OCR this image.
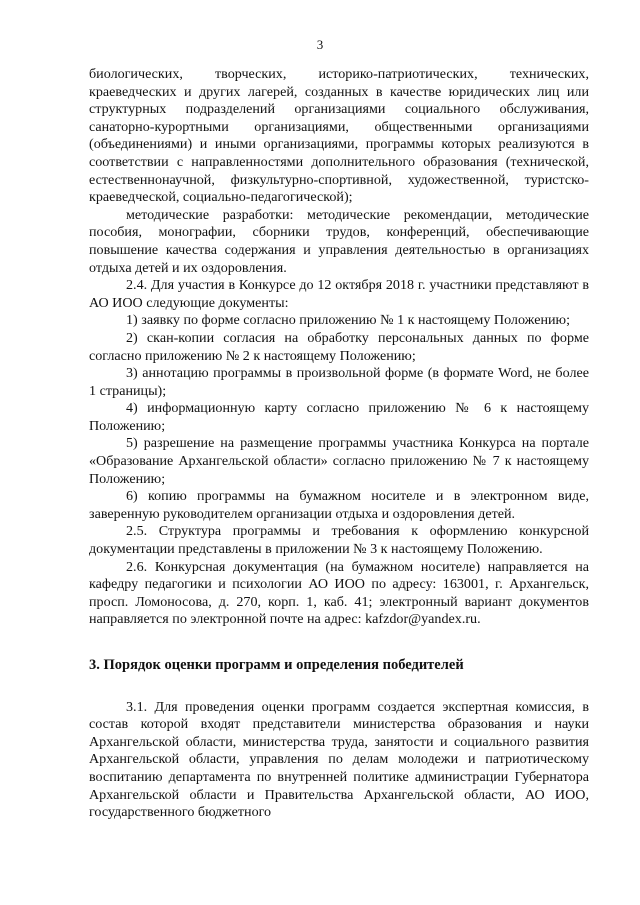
3

биологических, творческих, историко-патриотических, технических, краеведческих и других лагерей, созданных в качестве юридических лиц или структурных подразделений организациями социального обслуживания, санаторно-курортными организациями, общественными организациями (объединениями) и иными организациями, программы которых реализуются в соответствии с направленностями дополнительного образования (технической, естественнонаучной, физкультурно-спортивной, художественной, туристско-краеведческой, социально-педагогической);

методические разработки: методические рекомендации, методические пособия, монографии, сборники трудов, конференций, обеспечивающие повышение качества содержания и управления деятельностью в организациях отдыха детей и их оздоровления.

2.4. Для участия в Конкурсе до 12 октября 2018 г. участники представляют в АО ИОО следующие документы:

1) заявку по форме согласно приложению № 1 к настоящему Положению;

2) скан-копии согласия на обработку персональных данных по форме согласно приложению № 2 к настоящему Положению;

3) аннотацию программы в произвольной форме (в формате Word, не более 1 страницы);

4) информационную карту согласно приложению № 6 к настоящему Положению;

5) разрешение на размещение программы участника Конкурса на портале «Образование Архангельской области» согласно приложению № 7 к настоящему Положению;

6) копию программы на бумажном носителе и в электронном виде, заверенную руководителем организации отдыха и оздоровления детей.

2.5. Структура программы и требования к оформлению конкурсной документации представлены в приложении № 3 к настоящему Положению.

2.6. Конкурсная документация (на бумажном носителе) направляется на кафедру педагогики и психологии АО ИОО по адресу: 163001, г. Архангельск, просп. Ломоносова, д. 270, корп. 1, каб. 41; электронный вариант документов направляется по электронной почте на адрес: kafzdor@yandex.ru.

3. Порядок оценки программ и определения победителей

3.1. Для проведения оценки программ создается экспертная комиссия, в состав которой входят представители министерства образования и науки Архангельской области, министерства труда, занятости и социального развития Архангельской области, управления по делам молодежи и патриотическому воспитанию департамента по внутренней политике администрации Губернатора Архангельской области и Правительства Архангельской области, АО ИОО, государственного бюджетного
